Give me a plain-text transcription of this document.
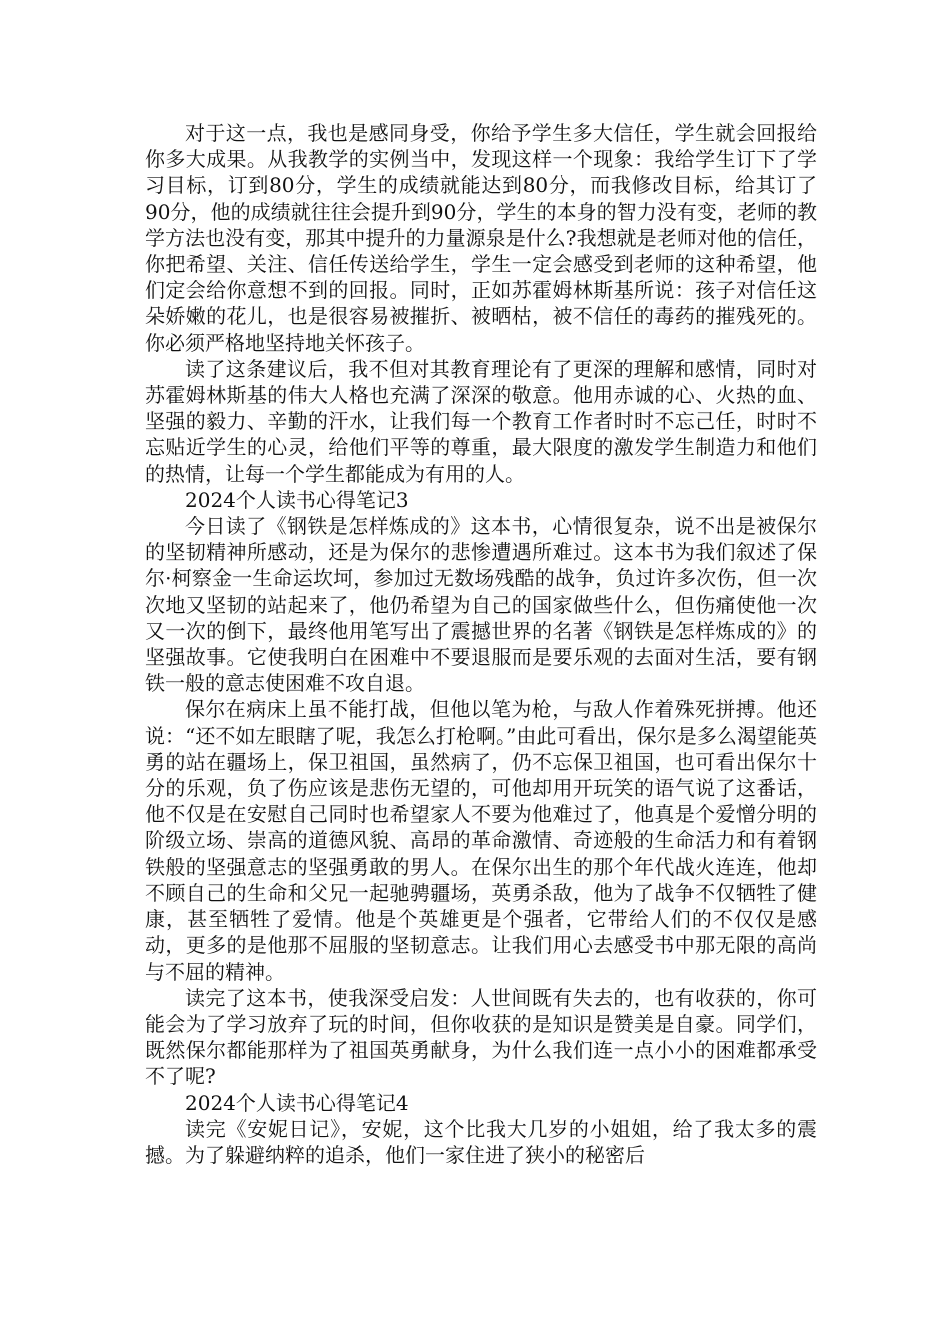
对于这一点，我也是感同身受，你给予学生多大信任，学生就会回报给你多大成果。从我教学的实例当中，发现这样一个现象：我给学生订下了学习目标，订到80分，学生的成绩就能达到80分，而我修改目标，给其订了90分，他的成绩就往往会提升到90分，学生的本身的智力没有变，老师的教学方法也没有变，那其中提升的力量源泉是什么?我想就是老师对他的信任，你把希望、关注、信任传送给学生，学生一定会感受到老师的这种希望，他们定会给你意想不到的回报。同时，正如苏霍姆林斯基所说：孩子对信任这朵娇嫩的花儿，也是很容易被摧折、被晒枯，被不信任的毒药的摧残死的。你必须严格地坚持地关怀孩子。

读了这条建议后，我不但对其教育理论有了更深的理解和感情，同时对苏霍姆林斯基的伟大人格也充满了深深的敬意。他用赤诚的心、火热的血、坚强的毅力、辛勤的汗水，让我们每一个教育工作者时时不忘己任，时时不忘贴近学生的心灵，给他们平等的尊重，最大限度的激发学生制造力和他们的热情，让每一个学生都能成为有用的人。

2024个人读书心得笔记3

今日读了《钢铁是怎样炼成的》这本书，心情很复杂，说不出是被保尔的坚韧精神所感动，还是为保尔的悲惨遭遇所难过。这本书为我们叙述了保尔·柯察金一生命运坎坷，参加过无数场残酷的战争，负过许多次伤，但一次次地又坚韧的站起来了，他仍希望为自己的国家做些什么，但伤痛使他一次又一次的倒下，最终他用笔写出了震撼世界的名著《钢铁是怎样炼成的》的坚强故事。它使我明白在困难中不要退服而是要乐观的去面对生活，要有钢铁一般的意志使困难不攻自退。

保尔在病床上虽不能打战，但他以笔为枪，与敌人作着殊死拼搏。他还说：“还不如左眼瞎了呢，我怎么打枪啊。”由此可看出，保尔是多么渴望能英勇的站在疆场上，保卫祖国，虽然病了，仍不忘保卫祖国，也可看出保尔十分的乐观，负了伤应该是悲伤无望的，可他却用开玩笑的语气说了这番话，他不仅是在安慰自己同时也希望家人不要为他难过了，他真是个爱憎分明的阶级立场、崇高的道德风貌、高昂的革命激情、奇迹般的生命活力和有着钢铁般的坚强意志的坚强勇敢的男人。在保尔出生的那个年代战火连连，他却不顾自己的生命和父兄一起驰骋疆场，英勇杀敌，他为了战争不仅牺牲了健康，甚至牺牲了爱情。他是个英雄更是个强者，它带给人们的不仅仅是感动，更多的是他那不屈服的坚韧意志。让我们用心去感受书中那无限的高尚与不屈的精神。

读完了这本书，使我深受启发：人世间既有失去的，也有收获的，你可能会为了学习放弃了玩的时间，但你收获的是知识是赞美是自豪。同学们，既然保尔都能那样为了祖国英勇献身，为什么我们连一点小小的困难都承受不了呢?

2024个人读书心得笔记4

读完《安妮日记》，安妮，这个比我大几岁的小姐姐，给了我太多的震撼。为了躲避纳粹的追杀，他们一家住进了狭小的秘密后
